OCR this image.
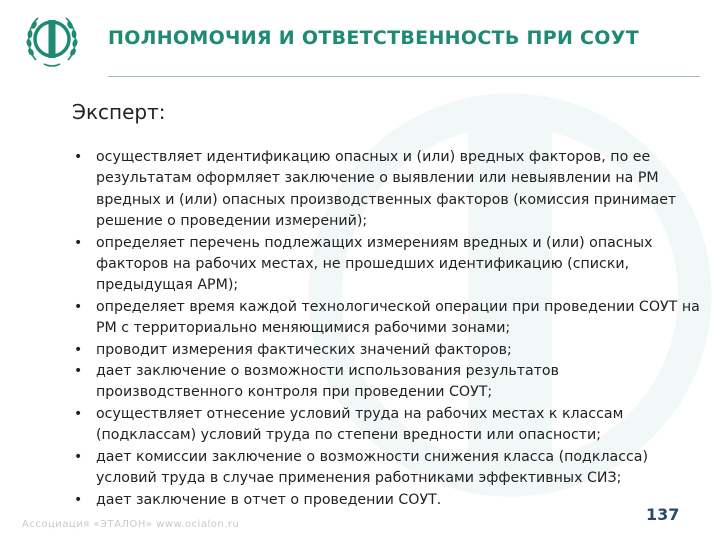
ПОЛНОМОЧИЯ И ОТВЕТСТВЕННОСТЬ ПРИ СОУТ
Эксперт:
• осуществляет идентификацию опасных и (или) вредных факторов, по ее результатам оформляет заключение о выявлении или невыявлении на РМ вредных и (или) опасных производственных факторов (комиссия принимает решение о проведении измерений);
• определяет перечень подлежащих измерениям вредных и (или) опасных факторов на рабочих местах, не прошедших идентификацию (списки, предыдущая АРМ);
• определяет время каждой технологической операции при проведении СОУТ на РМ с территориально меняющимися рабочими зонами;
• проводит измерения фактических значений факторов;
• дает заключение о возможности использования результатов производственного контроля при проведении СОУТ;
• осуществляет отнесение условий труда на рабочих местах к классам (подклассам) условий труда по степени вредности или опасности;
• дает комиссии заключение о возможности снижения класса (подкласса) условий труда в случае применения работниками эффективных СИЗ;
• дает заключение в отчет о проведении СОУТ.
Ассоциация «ЭТАЛОН» www.ocialon.ru
137
